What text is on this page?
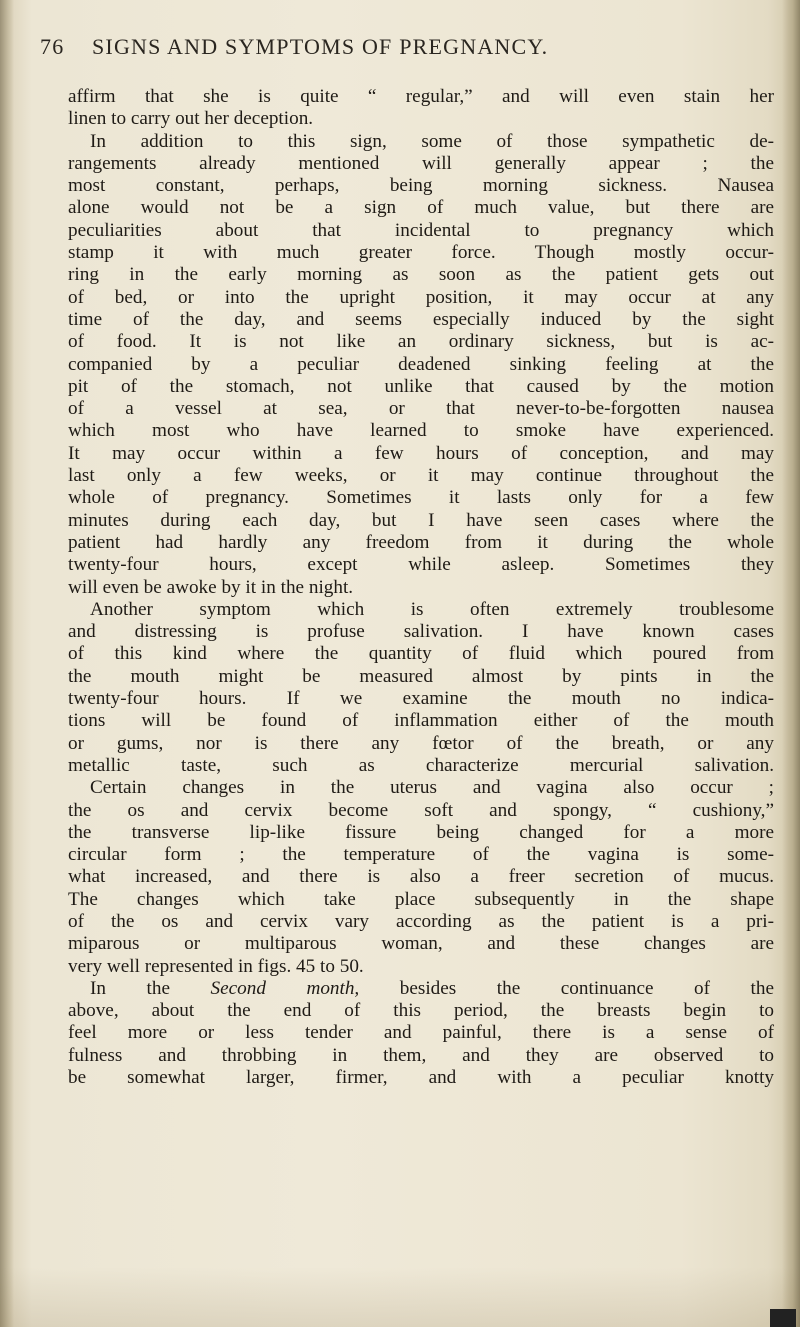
76 SIGNS AND SYMPTOMS OF PREGNANCY.
affirm that she is quite “ regular,” and will even stain her
linen to carry out her deception.
In addition to this sign, some of those sympathetic de-
rangements already mentioned will generally appear ; the
most constant, perhaps, being morning sickness. Nausea
alone would not be a sign of much value, but there are
peculiarities about that incidental to pregnancy which
stamp it with much greater force. Though mostly occur-
ring in the early morning as soon as the patient gets out
of bed, or into the upright position, it may occur at any
time of the day, and seems especially induced by the sight
of food. It is not like an ordinary sickness, but is ac-
companied by a peculiar deadened sinking feeling at the
pit of the stomach, not unlike that caused by the motion
of a vessel at sea, or that never-to-be-forgotten nausea
which most who have learned to smoke have experienced.
It may occur within a few hours of conception, and may
last only a few weeks, or it may continue throughout the
whole of pregnancy. Sometimes it lasts only for a few
minutes during each day, but I have seen cases where the
patient had hardly any freedom from it during the whole
twenty-four hours, except while asleep. Sometimes they
will even be awoke by it in the night.
Another symptom which is often extremely troublesome
and distressing is profuse salivation. I have known cases
of this kind where the quantity of fluid which poured from
the mouth might be measured almost by pints in the
twenty-four hours. If we examine the mouth no indica-
tions will be found of inflammation either of the mouth
or gums, nor is there any fœtor of the breath, or any
metallic taste, such as characterize mercurial salivation.
Certain changes in the uterus and vagina also occur ;
the os and cervix become soft and spongy, “ cushiony,”
the transverse lip-like fissure being changed for a more
circular form ; the temperature of the vagina is some-
what increased, and there is also a freer secretion of mucus.
The changes which take place subsequently in the shape
of the os and cervix vary according as the patient is a pri-
miparous or multiparous woman, and these changes are
very well represented in figs. 45 to 50.
In the Second month, besides the continuance of the
above, about the end of this period, the breasts begin to
feel more or less tender and painful, there is a sense of
fulness and throbbing in them, and they are observed to
be somewhat larger, firmer, and with a peculiar knotty
